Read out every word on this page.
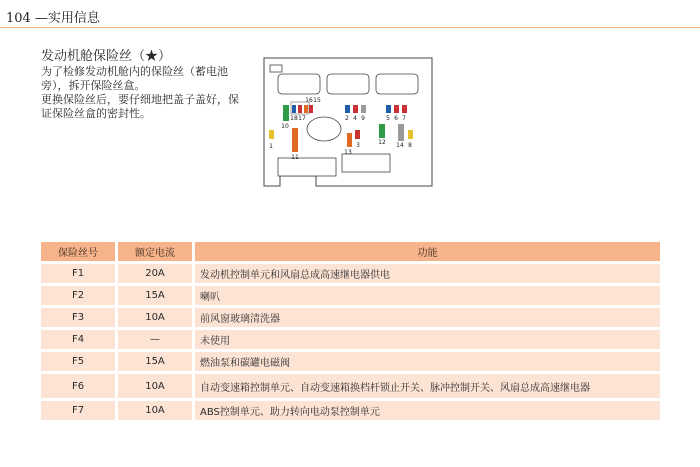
104 —实用信息
发动机舱保险丝（★）
为了检修发动机舱内的保险丝（蓄电池旁），拆开保险丝盒。
更换保险丝后，要仔细地把盖子盖好，保证保险丝盒的密封性。
16 15
18 17
10
2 4 9	5 6 7
1
11
13
3	12 14 8
保险丝号	额定电流	功能
F1	20A	发动机控制单元和风扇总成高速继电器供电
F2	15A	喇叭
F3	10A	前风窗玻璃清洗器
F4	—	未使用
F5	15A	燃油泵和碳罐电磁阀
F6	10A	自动变速箱控制单元、自动变速箱换档杆锁止开关、脉冲控制开关、风扇总成高速继电器
F7	10A	ABS控制单元、助力转向电动泵控制单元
